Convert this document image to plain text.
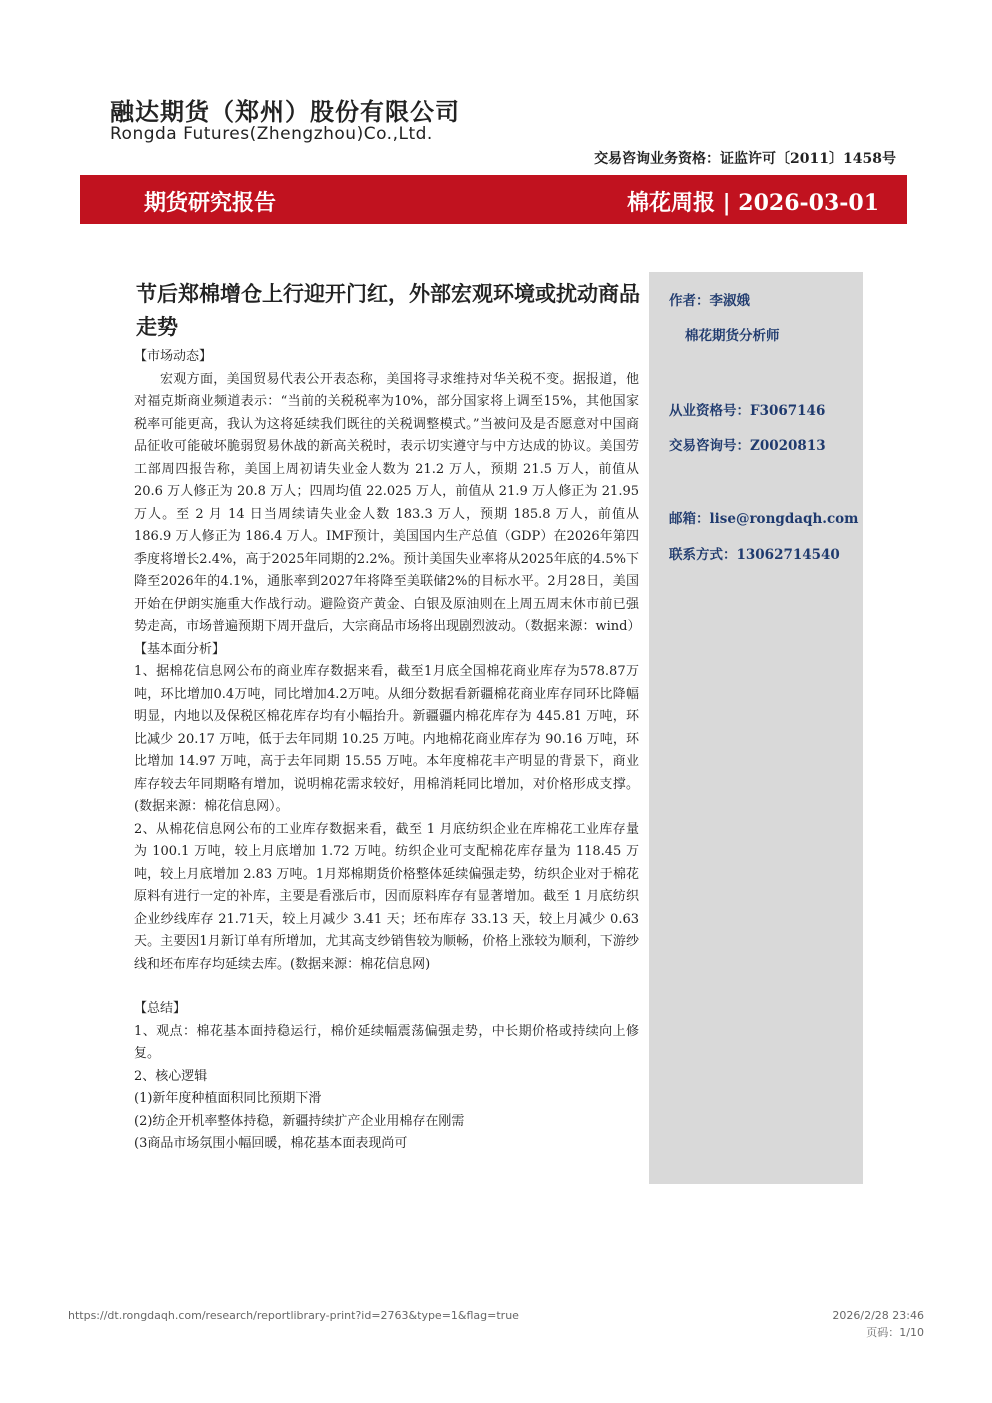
融达期货（郑州）股份有限公司
Rongda Futures(Zhengzhou)Co.,Ltd.
交易咨询业务资格：证监许可〔2011〕1458号
期货研究报告	棉花周报 | 2026-03-01
作者：李淑娥
棉花期货分析师
从业资格号：F3067146
交易咨询号：Z0020813
邮箱：lise@rongdaqh.com
联系方式：13062714540
节后郑棉增仓上行迎开门红，外部宏观环境或扰动商品走势

【市场动态】

宏观方面，美国贸易代表公开表态称，美国将寻求维持对华关税不变。据报道，他对福克斯商业频道表示：“当前的关税税率为10%，部分国家将上调至15%，其他国家税率可能更高，我认为这将延续我们既往的关税调整模式。”当被问及是否愿意对中国商品征收可能破坏脆弱贸易休战的新高关税时，表示切实遵守与中方达成的协议。美国劳工部周四报告称，美国上周初请失业金人数为 21.2 万人，预期 21.5 万人，前值从 20.6 万人修正为 20.8 万人；四周均值 22.025 万人，前值从 21.9 万人修正为 21.95 万人。至 2 月 14 日当周续请失业金人数 183.3 万人，预期 185.8 万人，前值从 186.9 万人修正为 186.4 万人。IMF预计，美国国内生产总值（GDP）在2026年第四季度将增长2.4%，高于2025年同期的2.2%。预计美国失业率将从2025年底的4.5%下降至2026年的4.1%，通胀率到2027年将降至美联储2%的目标水平。2月28日，美国开始在伊朗实施重大作战行动。避险资产黄金、白银及原油则在上周五周末休市前已强势走高，市场普遍预期下周开盘后，大宗商品市场将出现剧烈波动。（数据来源：wind）

【基本面分析】

1、据棉花信息网公布的商业库存数据来看，截至1月底全国棉花商业库存为578.87万吨，环比增加0.4万吨，同比增加4.2万吨。从细分数据看新疆棉花商业库存同环比降幅明显，内地以及保税区棉花库存均有小幅抬升。新疆疆内棉花库存为 445.81 万吨，环比减少 20.17 万吨，低于去年同期 10.25 万吨。内地棉花商业库存为 90.16 万吨，环比增加 14.97 万吨，高于去年同期 15.55 万吨。本年度棉花丰产明显的背景下，商业库存较去年同期略有增加，说明棉花需求较好，用棉消耗同比增加，对价格形成支撑。(数据来源：棉花信息网）。

2、从棉花信息网公布的工业库存数据来看，截至 1 月底纺织企业在库棉花工业库存量为 100.1 万吨，较上月底增加 1.72 万吨。纺织企业可支配棉花库存量为 118.45 万吨，较上月底增加 2.83 万吨。1月郑棉期货价格整体延续偏强走势，纺织企业对于棉花原料有进行一定的补库，主要是看涨后市，因而原料库存有显著增加。截至 1 月底纺织企业纱线库存 21.71天，较上月减少 3.41 天；坯布库存 33.13 天，较上月减少 0.63天。主要因1月新订单有所增加，尤其高支纱销售较为顺畅，价格上涨较为顺利，下游纱线和坯布库存均延续去库。(数据来源：棉花信息网)

【总结】

1、观点：棉花基本面持稳运行，棉价延续幅震荡偏强走势，中长期价格或持续向上修复。

2、核心逻辑

(1)新年度种植面积同比预期下滑

(2)纺企开机率整体持稳，新疆持续扩产企业用棉存在刚需

(3商品市场氛围小幅回暖，棉花基本面表现尚可

https://dt.rongdaqh.com/research/reportlibrary-print?id=2763&type=1&flag=true	2026/2/28 23:46
页码：1/10
